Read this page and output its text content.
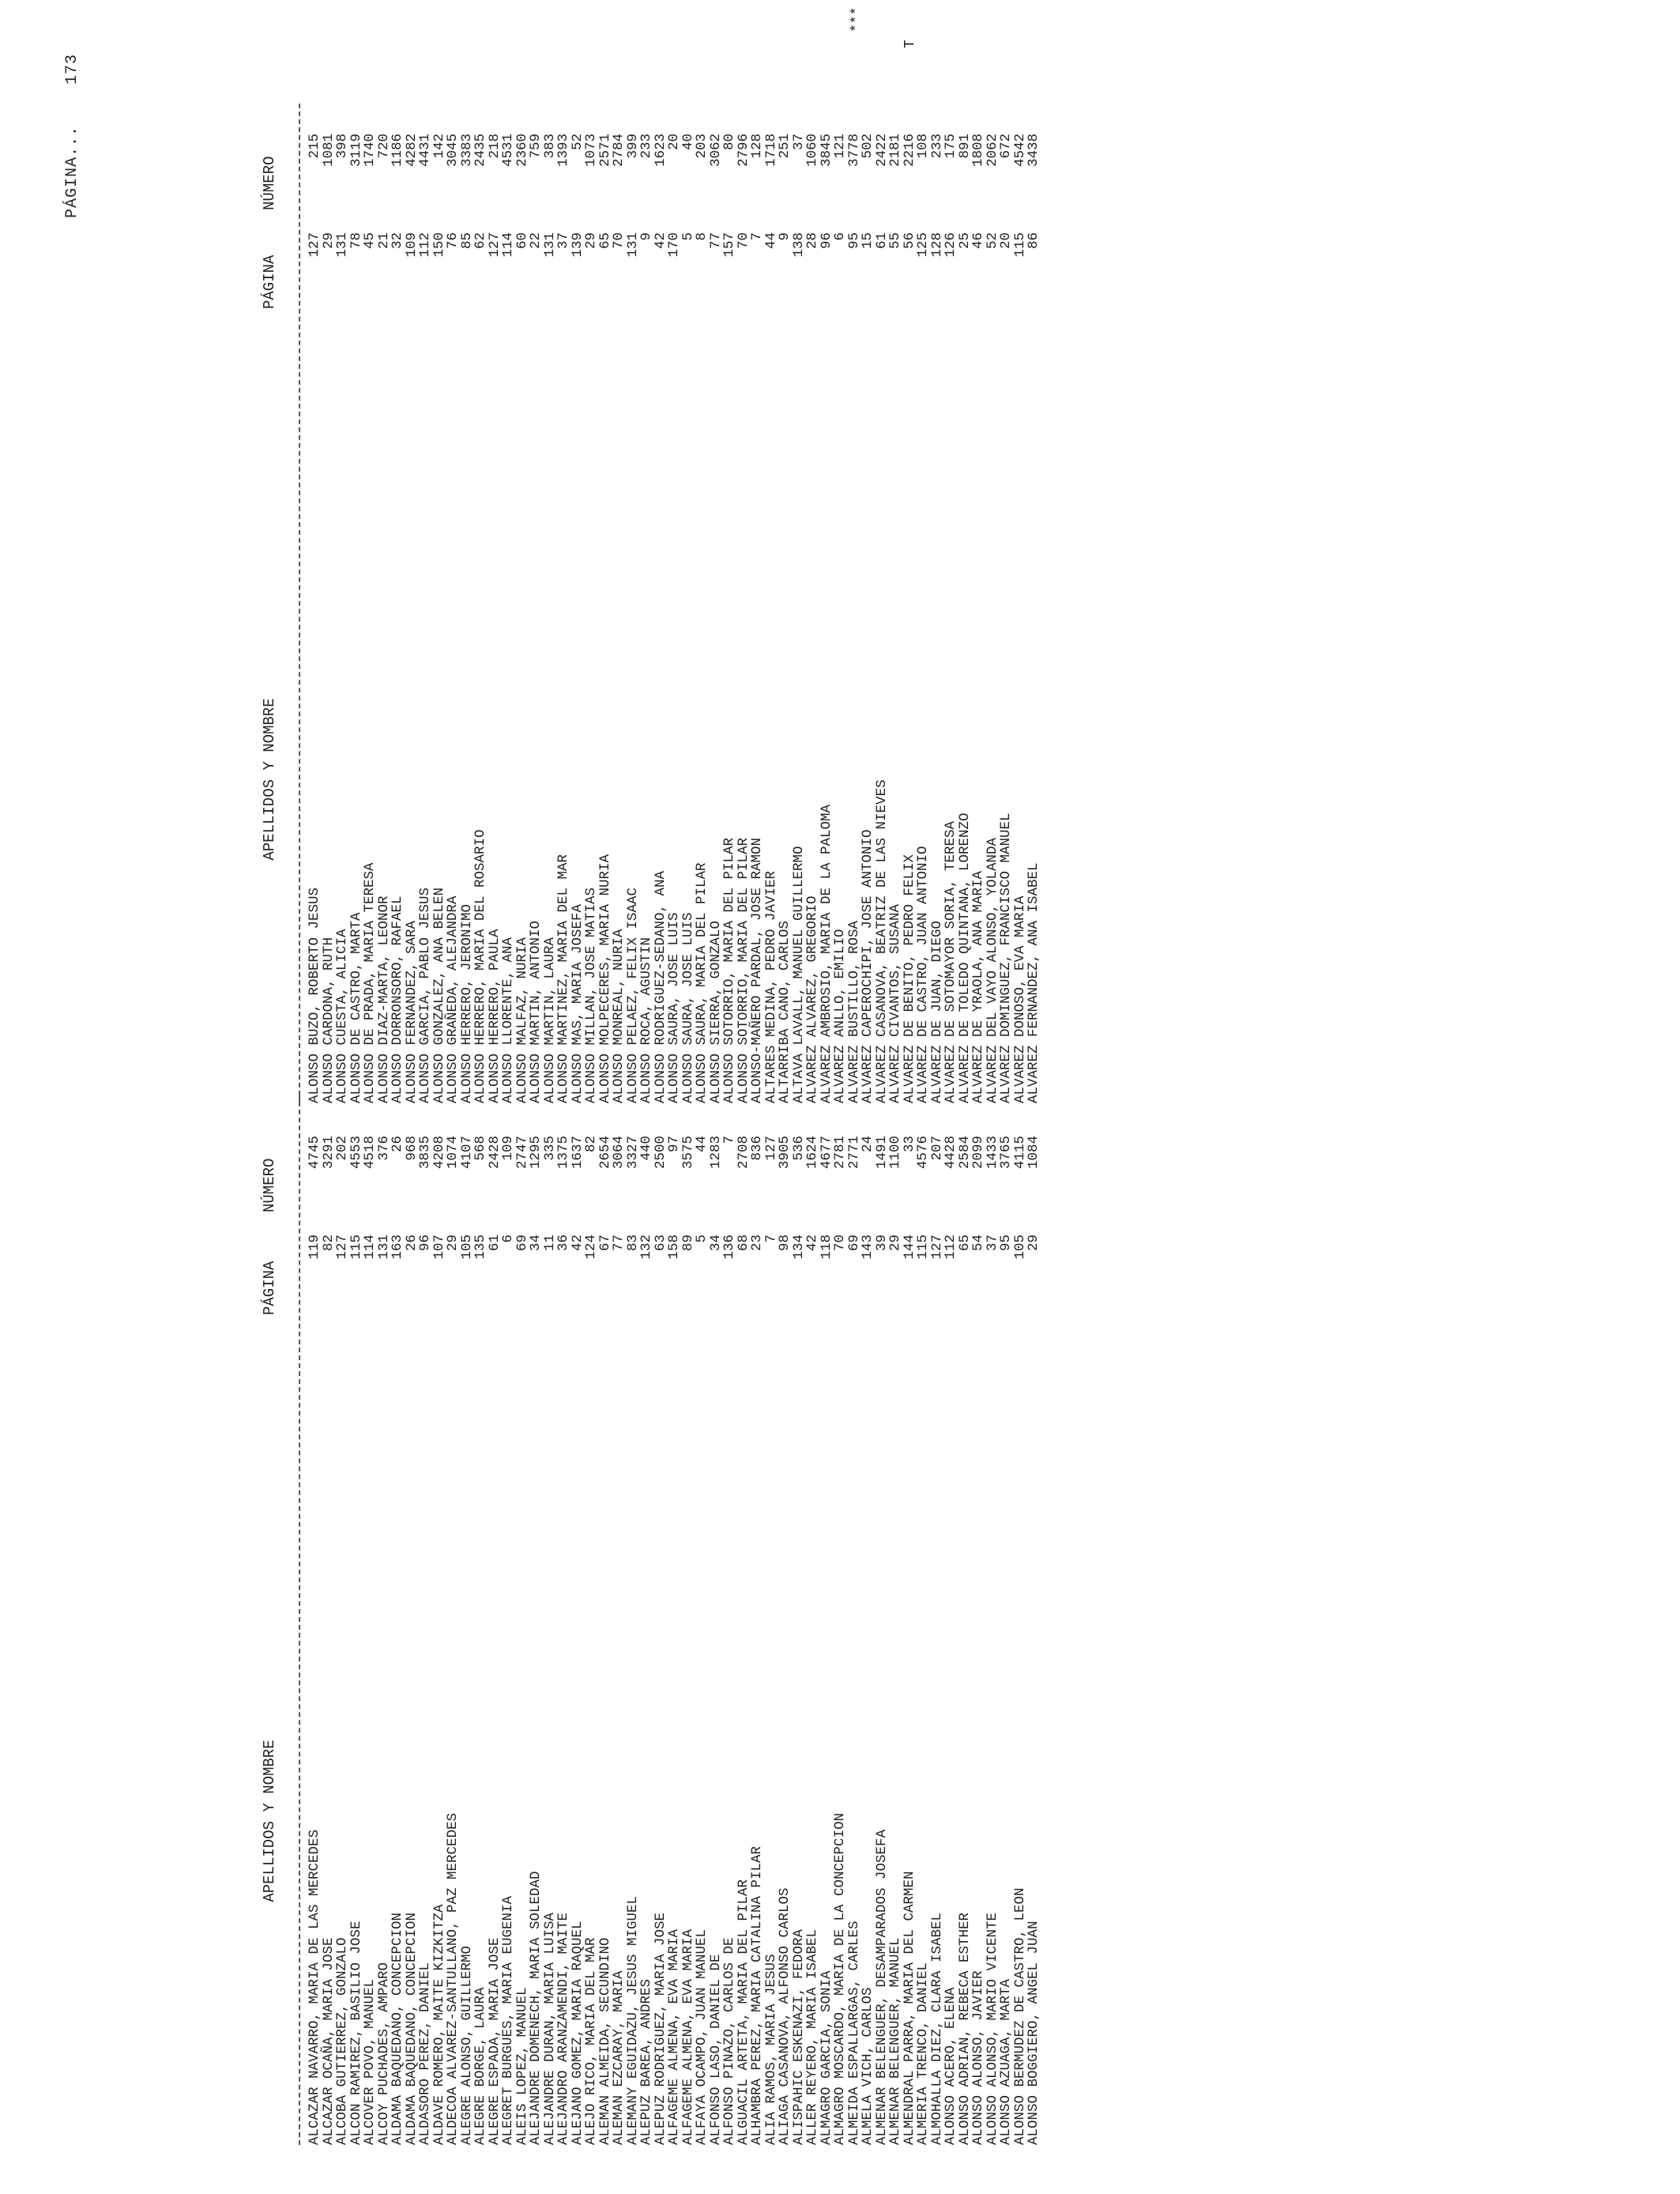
PÁGINA...    173

APELLIDOS Y NOMBRE

PÁGINA

NÚMERO

ALCAZAR NAVARRO, MARIA DE LAS MERCEDES
119
4745
ALCAZAR OCAÑA, MARIA JOSE
82
3291
ALCOBA GUTIERREZ, GONZALO
127
202
ALCON RAMIREZ, BASILIO JOSE
115
4553
ALCOVER POVO, MANUEL
114
4518
ALCOY PUCHADES, AMPARO
131
376
ALDAMA BAQUEDANO, CONCEPCION
163
26
ALDAMA BAQUEDANO, CONCEPCION
26
968
ALDASORO PEREZ, DANIEL
96
3835
ALDAVE ROMERO, MAITE KIZKITZA
107
4208
ALDECOA ALVAREZ-SANTULLANO, PAZ MERCEDES
29
1074
ALEGRE ALONSO, GUILLERMO
105
4107
ALEGRE BORGE, LAURA
135
568
ALEGRE ESPADA, MARIA JOSE
61
2428
ALEGRET BURGUES, MARIA EUGENIA
6
109
ALEIS LOPEZ, MANUEL
69
2747
ALEJANDRE DOMENECH, MARIA SOLEDAD
34
1295
ALEJANDRE DURAN, MARIA LUISA
11
335
ALEJANDRO ARANZAMENDI, MAITE
36
1375
ALEJANO GOMEZ, MARIA RAQUEL
42
1637
ALEJO RICO, MARIA DEL MAR
124
82
ALEMAN ALMEIDA, SECUNDINO
67
2654
ALEMAN EZCARAY, MARIA
77
3064
ALEMANY EGUIDAZU, JESUS MIGUEL
83
3327
ALEPUZ BAREA, ANDRES
132
440
ALEPUZ RODRIGUEZ, MARIA JOSE
63
2500
ALFAGEME ALMENA, EVA MARIA
158
97
ALFAGEME ALMENA, EVA MARIA
89
3575
ALFAYA OCAMPO, JUAN MANUEL
5
44
ALFONSO LASO, DANIEL DE
34
1283
ALFONSO PINAZO, CARLOS DE
136
7
ALGUACIL ARTETA, MARIA DEL PILAR
68
2708
ALHAMBRA PEREZ, MARIA CATALINA PILAR
23
836
ALIA RAMOS, MARIA JESUS
7
127
ALIAGA CASANOVA, ALFONSO CARLOS
98
3905
ALISPAHIC ESKENAZI, FEDORA
134
536
ALLER REYERO, MARIA ISABEL
42
1624
ALMAGRO GARCIA, SONIA
118
4677
ALMAGRO MOSCARDO, MARIA DE LA CONCEPCION
70
2781
ALMEIDA ESPALLARGAS, CARLES
69
2771
ALMELA VICH, CARLOS
143
24
ALMENAR BELENGUER, DESAMPARADOS JOSEFA
39
1491
ALMENAR BELENGUER, MANUEL
29
1100
ALMENDRAL PARRA, MARIA DEL CARMEN
144
33
ALMERIA TRENCO, DANIEL
115
4576
ALMOHALLA DIEZ, CLARA ISABEL
127
207
ALONSO ACERO, ELENA
112
4428
ALONSO ADRIAN, REBECA ESTHER
65
2584
ALONSO ALONSO, JAVIER
54
2099
ALONSO ALONSO, MARIO VICENTE
37
1433
ALONSO AZUAGA, MARTA
95
3765
ALONSO BERMUDEZ DE CASTRO, LEON
105
4115
ALONSO BOGGIERO, ANGEL JUAN
29
1084

APELLIDOS Y NOMBRE

PÁGINA

NÚMERO

ALONSO BUZO, ROBERTO JESUS
127
215
ALONSO CARDONA, RUTH
29
1081
ALONSO CUESTA, ALICIA
131
398
ALONSO DE CASTRO, MARTA
78
3119
ALONSO DE PRADA, MARIA TERESA
45
1740
ALONSO DIAZ-MARTA, LEONOR
21
720
ALONSO DORRONSORO, RAFAEL
32
1186
ALONSO FERNANDEZ, SARA
109
4282
ALONSO GARCIA, PABLO JESUS
112
4431
ALONSO GONZALEZ, ANA BELEN
150
142
ALONSO GRAÑEDA, ALEJANDRA
76
3045
ALONSO HERRERO, JERONIMO
85
3383
ALONSO HERRERO, MARIA DEL ROSARIO
62
2435
ALONSO HERRERO, PAULA
127
218
ALONSO LLORENTE, ANA
114
4531
ALONSO MALFAZ, NURIA
60
2360
ALONSO MARTIN, ANTONIO
22
759
ALONSO MARTIN, LAURA
131
383
ALONSO MARTINEZ, MARIA DEL MAR
37
1393
ALONSO MAS, MARIA JOSEFA
139
52
ALONSO MILLAN, JOSE MATIAS
29
1073
ALONSO MOLPECERES, MARIA NURIA
65
2571
ALONSO MONREAL, NURIA
70
2784
ALONSO PELAEZ, FELIX ISAAC
131
399
ALONSO ROCA, AGUSTIN
9
233
ALONSO RODRIGUEZ-SEDANO, ANA
42
1623
ALONSO SAURA, JOSE LUIS
170
20
ALONSO SAURA, JOSE LUIS
5
40
ALONSO SAURA, MARIA DEL PILAR
8
203
ALONSO SIERRA, GONZALO
77
3062
ALONSO SOTORRIO, MARIA DEL PILAR
157
80
ALONSO SOTORRIO, MARIA DEL PILAR
70
2796
ALONSO-MAÑERO PARDAL, JOSE RAMON
7
128
ALTARES MEDINA, PEDRO JAVIER
44
1718
ALTARRIBA CANO, CARLOS
9
251
ALTAVA LAVALL, MANUEL GUILLERMO
138
37
ALVAREZ ALVAREZ, GREGORIO
28
1060
ALVAREZ AMBROSIO, MARIA DE LA PALOMA
96
3845
ALVAREZ ANLLO, EMILIO
6
121
ALVAREZ BUSTILLO, ROSA
95
3778
ALVAREZ CAPEROCHIPI, JOSE ANTONIO
15
502
ALVAREZ CASANOVA, BEATRIZ DE LAS NIEVES
61
2422
ALVAREZ CIVANTOS, SUSANA
55
2181
ALVAREZ DE BENITO, PEDRO FELIX
56
2216
ALVAREZ DE CASTRO, JUAN ANTONIO
125
108
ALVAREZ DE JUAN, DIEGO
128
233
ALVAREZ DE SOTOMAYOR SORIA, TERESA
126
175
ALVAREZ DE TOLEDO QUINTANA, LORENZO
25
891
ALVAREZ DE YRAOLA, ANA MARIA
46
1808
ALVAREZ DEL VAYO ALONSO, YOLANDA
52
2062
ALVAREZ DOMINGUEZ, FRANCISCO MANUEL
20
672
ALVAREZ DONOSO, EVA MARIA
115
4542
ALVAREZ FERNANDEZ, ANA ISABEL
86
3438
***
T
